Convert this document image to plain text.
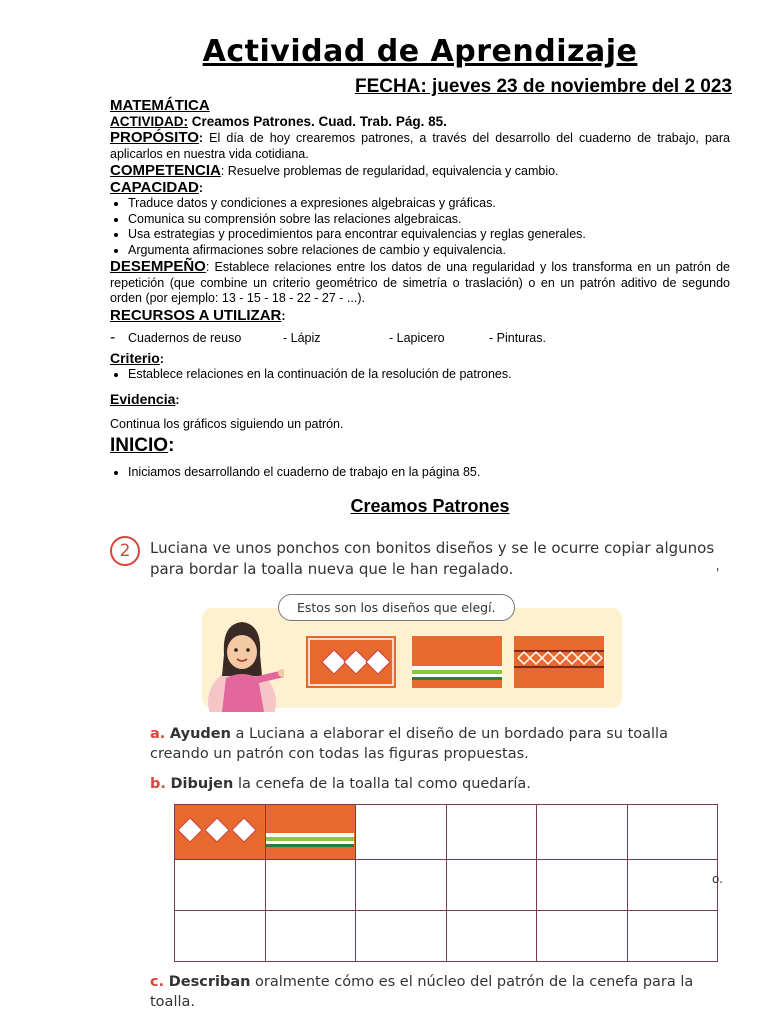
Actividad de Aprendizaje
FECHA: jueves 23 de noviembre del 2 023
MATEMÁTICA

ACTIVIDAD: Creamos Patrones. Cuad. Trab. Pág. 85.

PROPÓSITO: El día de hoy crearemos patrones, a través del desarrollo del cuaderno de trabajo, para aplicarlos en nuestra vida cotidiana.

COMPETENCIA: Resuelve problemas de regularidad, equivalencia y cambio.

CAPACIDAD:

• Traduce datos y condiciones a expresiones algebraicas y gráficas.
• Comunica su comprensión sobre las relaciones algebraicas.
• Usa estrategias y procedimientos para encontrar equivalencias y reglas generales.
• Argumenta afirmaciones sobre relaciones de cambio y equivalencia.

DESEMPEÑO: Establece relaciones entre los datos de una regularidad y los transforma en un patrón de repetición (que combine un criterio geométrico de simetría o traslación) o en un patrón aditivo de segundo orden (por ejemplo: 13 - 15 - 18 - 22 - 27 - ...).

RECURSOS A UTILIZAR:

-	Cuadernos de reuso	- Lápiz	- Lapicero	- Pinturas.

Criterio:

• Establece relaciones en la continuación de la resolución de patrones.

Evidencia:

Continua los gráficos siguiendo un patrón.

INICIO:

• Iniciamos desarrollando el cuaderno de trabajo en la página 85.
Creamos Patrones
2	Luciana ve unos ponchos con bonitos diseños y se le ocurre copiar algunos para bordar la toalla nueva que le han regalado.	'
Estos son los diseños que elegí.
a. Ayuden a Luciana a elaborar el diseño de un bordado para su toalla creando un patrón con todas las figuras propuestas.
b. Dibujen la cenefa de la toalla tal como quedaría.

o.
c. Describan oralmente cómo es el núcleo del patrón de la cenefa para la toalla.
